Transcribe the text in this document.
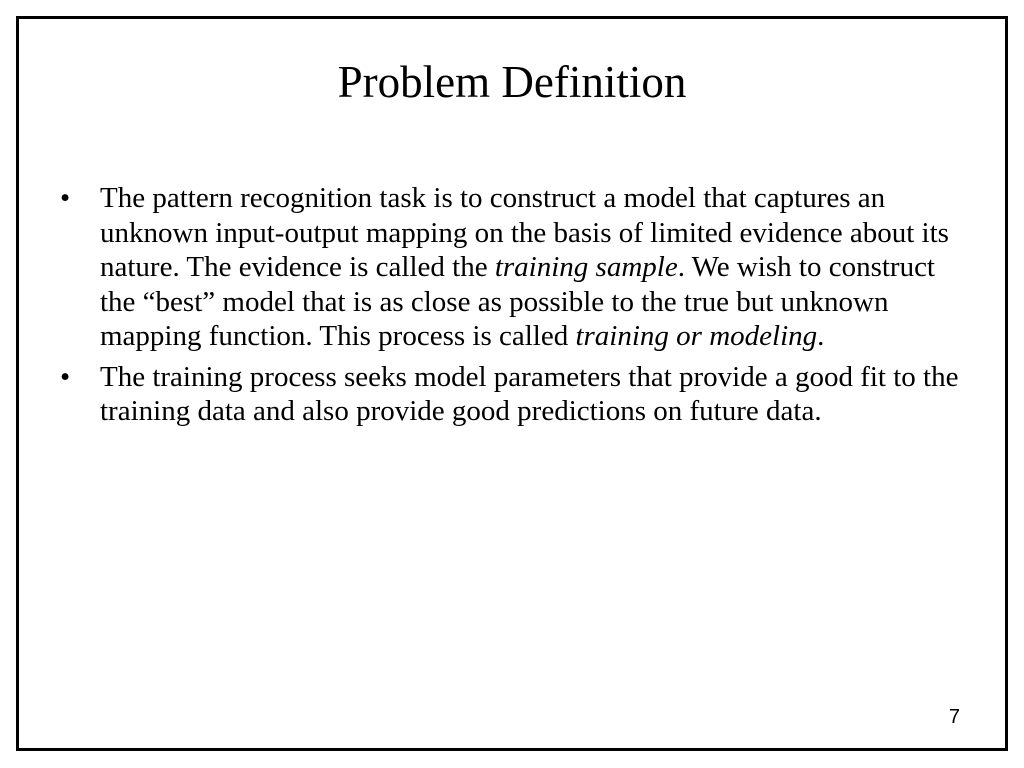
Problem Definition
• The pattern recognition task is to construct a model that captures an unknown input-output mapping on the basis of limited evidence about its nature. The evidence is called the training sample. We wish to construct the “best” model that is as close as possible to the true but unknown mapping function. This process is called training or modeling.
• The training process seeks model parameters that provide a good fit to the training data and also provide good predictions on future data.
7
